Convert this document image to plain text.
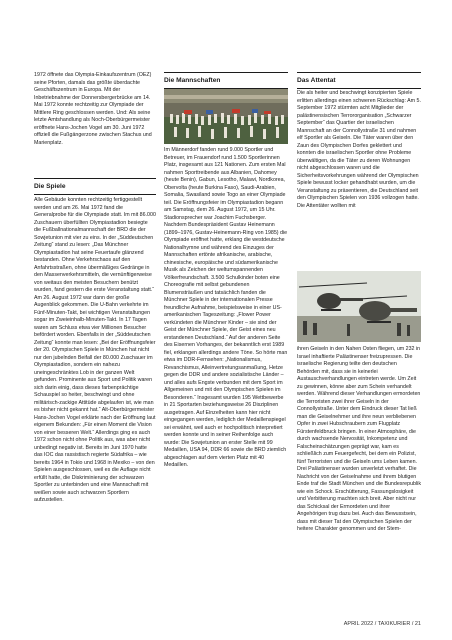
1972 öffnete das Olympia-Einkaufszentrum (OEZ) seine Pforten, damals das größte überdachte Geschäftszentrum in Europa. Mit der Inbetriebnahme der Donnersbergerbrücke am 14. Mai 1972 konnte rechtzeitig zur Olympiade der Mittlere Ring geschlossen werden. Und: Als seine letzte Amtshandlung als Noch-Oberbürgermeister eröffnete Hans-Jochen Vogel am 30. Juni 1972 offiziell die Fußgängerzone zwischen Stachus und Marienplatz.

Die Spiele

Alle Gebäude konnten rechtzeitig fertiggestellt werden und am 26. Mai 1972 fand die Generalprobe für die Olympiade statt. Im mit 86.000 Zuschauern überfüllten Olympiastadion besiegte die Fußballnationalmannschaft der BRD die der Sowjetunion mit vier zu eins. In der „Süddeutschen Zeitung“ stand zu lesen: „Das Münchner Olympiastadion hat seine Feuertaufe glänzend bestanden. Ohne Verkehrschaos auf den Anfahrtsstraßen, ohne übermäßiges Gedränge in den Massenverkehrsmitteln, die vernünftigerweise von weitaus den meisten Besuchern benützt wurden, fand gestern die erste Veranstaltung statt.“ Am 26. August 1972 war dann der große Augenblick gekommen. Die U-Bahn verkehrte im Fünf-Minuten-Takt, bei wichtigen Veranstaltungen sogar im Zweieinhalb-Minuten-Takt. In 17 Tagen waren am Schluss etwa vier Millionen Besucher befördert worden. Ebenfalls in der „Süddeutschen Zeitung“ konnte man lesen: „Bei der Eröffnungsfeier der 20. Olympischen Spiele in München hat nicht nur den jubelnden Beifall der 80.000 Zuschauer im Olympiastadion, sondern ein nahezu uneingeschränktes Lob in der ganzen Welt gefunden. Prominente aus Sport und Politik waren sich darin einig, dass dieses farbenprächtige Schauspiel so heiter, beschwingt und ohne militärisch-zackige Attitüde abgelaufen ist, wie man es bisher nicht gekannt hat.“ Alt-Oberbürgermeister Hans-Jochen Vogel erklärte nach der Eröffnung laut eigenem Bekunden: „Für einen Moment die Vision von einer besseren Welt.“ Allerdings ging es auch 1972 schon nicht ohne Politik aus, was aber nicht unbedingt negativ ist. Bereits im Juni 1970 hatte das IOC das rassistisch regierte Südafrika – wie bereits 1964 in Tokio und 1968 in Mexiko – von den Spielen ausgeschlossen, weil es die Auflage nicht erfüllt hatte, die Diskriminierung der schwarzen Sportler zu unterbinden und eine Mannschaft mit weißen sowie auch schwarzen Sportlern aufzustellen.

Die Mannschaften

Im Männerdorf fanden rund 9.000 Sportler und Betreuer, im Frauendorf rund 1.500 Sportlerinnen Platz, insgesamt aus 121 Nationen. Zum ersten Mal nahmen Sporttreibende aus Albanien, Dahomey (heute Benin), Gabun, Lesotho, Malawi, Nordkorea, Obervolta (heute Burkina Faso), Saudi-Arabien, Somalia, Swasiland sowie Togo an einer Olympiade teil. Die Eröffnungsfeier im Olympiastadion begann am Samstag, dem 26. August 1972, um 15 Uhr. Stadionsprecher war Joachim Fuchsberger. Nachdem Bundespräsident Gustav Heinemann (1899–1976, Gustav-Heinemann-Ring von 1985) die Olympiade eröffnet hatte, erklang die westdeutsche Nationalhymne und während des Einzuges der Mannschaften ertönte afrikanische, arabische, chinesische, europäische und südamerikanische Musik als Zeichen der weltumspannenden Völkerfreundschaft. 3.500 Schulkinder boten eine Choreografie mit selbst gebundenen Blumensträußen und tatsächlich fanden die Münchner Spiele in der internationalen Presse freundliche Aufnahme, beispielsweise in einer US-amerikanischen Tageszeitung: „Flower Power verkündeten die Münchner Kinder – sie sind der Geist der Münchner Spiele, der Geist eines neu erstandenen Deutschland.“ Auf der anderen Seite des Eisernen Vorhanges, der bekanntlich erst 1989 fiel, erklangen allerdings andere Töne. So hörte man etwa im DDR-Fernsehen: „Nationalismus, Revanchismus, Alleinvertretungsanmaßung, Hetze gegen die DDR und andere sozialistische Länder – und alles aufs Engste verbunden mit dem Sport im Allgemeinen und mit den Olympischen Spielen im Besonderen.“ Insgesamt wurden 195 Wettbewerbe in 21 Sportarten beziehungsweise 26 Disziplinen ausgetragen. Auf Einzelheiten kann hier nicht eingegangen werden, lediglich der Medaillenspiegel sei erwähnt, weil auch er hochpolitisch interpretiert werden konnte und in seiner Reihenfolge auch wurde: Die Sowjetunion an erster Stelle mit 99 Medaillen, USA 94, DDR 66 sowie die BRD ziemlich abgeschlagen auf dem vierten Platz mit 40 Medaillen.

Das Attentat

Die als heiter und beschwingt konzipierten Spiele erlitten allerdings einen schweren Rückschlag: Am 5. September 1972 stürmten acht Mitglieder der palästinensischen Terrororganisation „Schwarzer September“ das Quartier der israelischen Mannschaft an der Connollystraße 31 und nahmen elf Sportler als Geiseln. Die Täter waren über den Zaun des Olympischen Dorfes geklettert und konnten die israelischen Sportler ohne Probleme überwältigen, da die Täter zu deren Wohnungen nicht abgeschlossen waren und die Sicherheitsvorkehrungen während der Olympischen Spiele bewusst locker gehandhabt wurden, um die Veranstaltung zu präsentieren, die Deutschland seit den Olympischen Spielen von 1936 vollzogen hatte. Die Attentäter wollten mit

ihren Geiseln in den Nahen Osten fliegen, um 232 in Israel inhaftierte Palästinenser freizupressen. Die israelische Regierung teilte den deutschen Behörden mit, dass sie in keinerlei Austauschverhandlungen eintreten werde. Um Zeit zu gewinnen, könne aber zum Schein verhandelt werden. Während dieser Verhandlungen ermordeten die Terroristen zwei ihrer Geiseln in der Connollystraße. Unter dem Eindruck dieser Tat ließ man die Geiselnehmer und ihre neun verbliebenen Opfer in zwei Hubschraubern zum Flugplatz Fürstenfeldbruck bringen. In einer Atmosphäre, die durch wachsende Nervosität, Inkompetenz und Falscheinschätzungen geprägt war, kam es schließlich zum Feuergefecht, bei dem ein Polizist, fünf Terroristen und die Geiseln ums Leben kamen. Drei Palästinenser wurden unverletzt verhaftet. Die Nachricht von der Geiselnahme und ihrem blutigen Ende traf die Stadt München und die Bundesrepublik wie ein Schock. Erschütterung, Fassungslosigkeit und Verbitterung machten sich breit. Aber nicht nur das Schicksal der Ermordeten und ihrer Angehörigen trug dazu bei. Auch das Bewusstsein, dass mit dieser Tat den Olympischen Spielen der heitere Charakter genommen und der Stem-

APRIL 2022 / TAXIKURIER / 21
